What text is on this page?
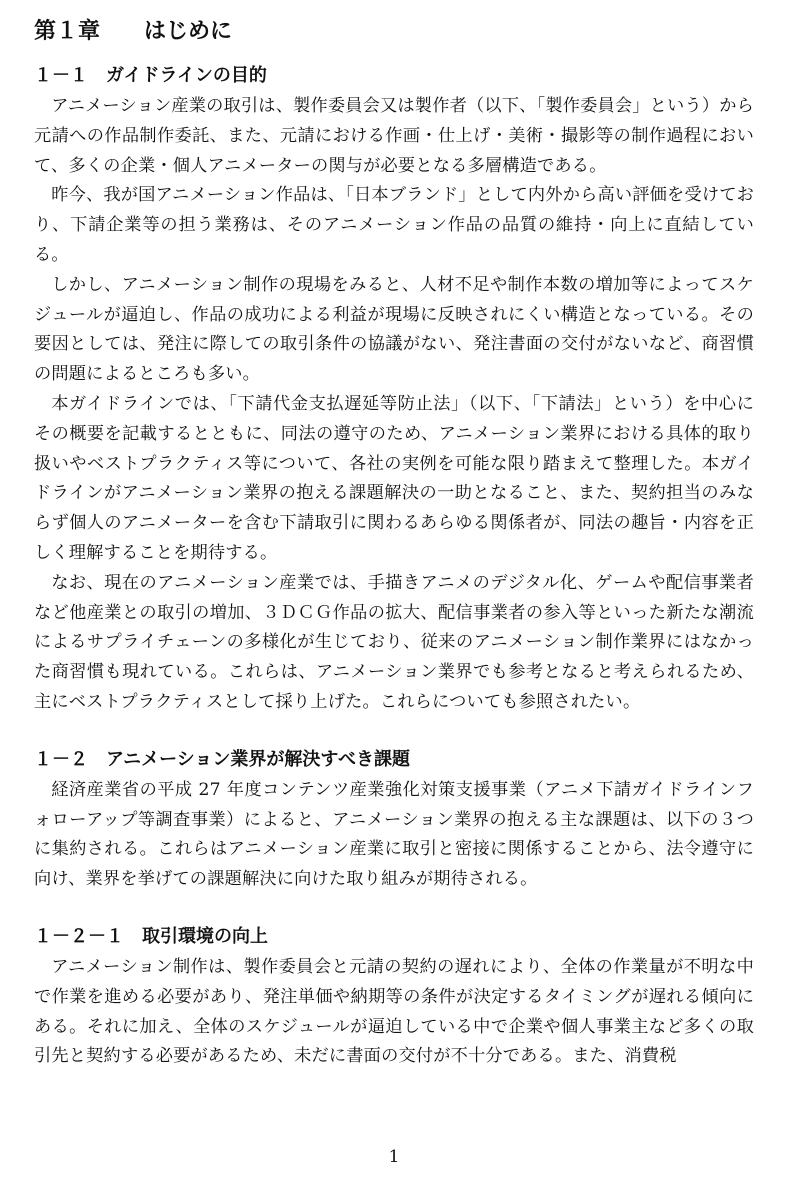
第１章　　はじめに
１－１　ガイドラインの目的

アニメーション産業の取引は、製作委員会又は製作者（以下、「製作委員会」という）から元請への作品制作委託、また、元請における作画・仕上げ・美術・撮影等の制作過程において、多くの企業・個人アニメーターの関与が必要となる多層構造である。

昨今、我が国アニメーション作品は、「日本ブランド」として内外から高い評価を受けており、下請企業等の担う業務は、そのアニメーション作品の品質の維持・向上に直結している。

しかし、アニメーション制作の現場をみると、人材不足や制作本数の増加等によってスケジュールが逼迫し、作品の成功による利益が現場に反映されにくい構造となっている。その要因としては、発注に際しての取引条件の協議がない、発注書面の交付がないなど、商習慣の問題によるところも多い。

本ガイドラインでは、「下請代金支払遅延等防止法」（以下、「下請法」という）を中心にその概要を記載するとともに、同法の遵守のため、アニメーション業界における具体的取り扱いやベストプラクティス等について、各社の実例を可能な限り踏まえて整理した。本ガイドラインがアニメーション業界の抱える課題解決の一助となること、また、契約担当のみならず個人のアニメーターを含む下請取引に関わるあらゆる関係者が、同法の趣旨・内容を正しく理解することを期待する。

なお、現在のアニメーション産業では、手描きアニメのデジタル化、ゲームや配信事業者など他産業との取引の増加、３ＤＣＧ作品の拡大、配信事業者の参入等といった新たな潮流によるサプライチェーンの多様化が生じており、従来のアニメーション制作業界にはなかった商習慣も現れている。これらは、アニメーション業界でも参考となると考えられるため、主にベストプラクティスとして採り上げた。これらについても参照されたい。

１－２　アニメーション業界が解決すべき課題

経済産業省の平成 27 年度コンテンツ産業強化対策支援事業（アニメ下請ガイドラインフォローアップ等調査事業）によると、アニメーション業界の抱える主な課題は、以下の３つに集約される。これらはアニメーション産業に取引と密接に関係することから、法令遵守に向け、業界を挙げての課題解決に向けた取り組みが期待される。

１－２－１　取引環境の向上

アニメーション制作は、製作委員会と元請の契約の遅れにより、全体の作業量が不明な中で作業を進める必要があり、発注単価や納期等の条件が決定するタイミングが遅れる傾向にある。それに加え、全体のスケジュールが逼迫している中で企業や個人事業主など多くの取引先と契約する必要があるため、未だに書面の交付が不十分である。また、消費税

1
